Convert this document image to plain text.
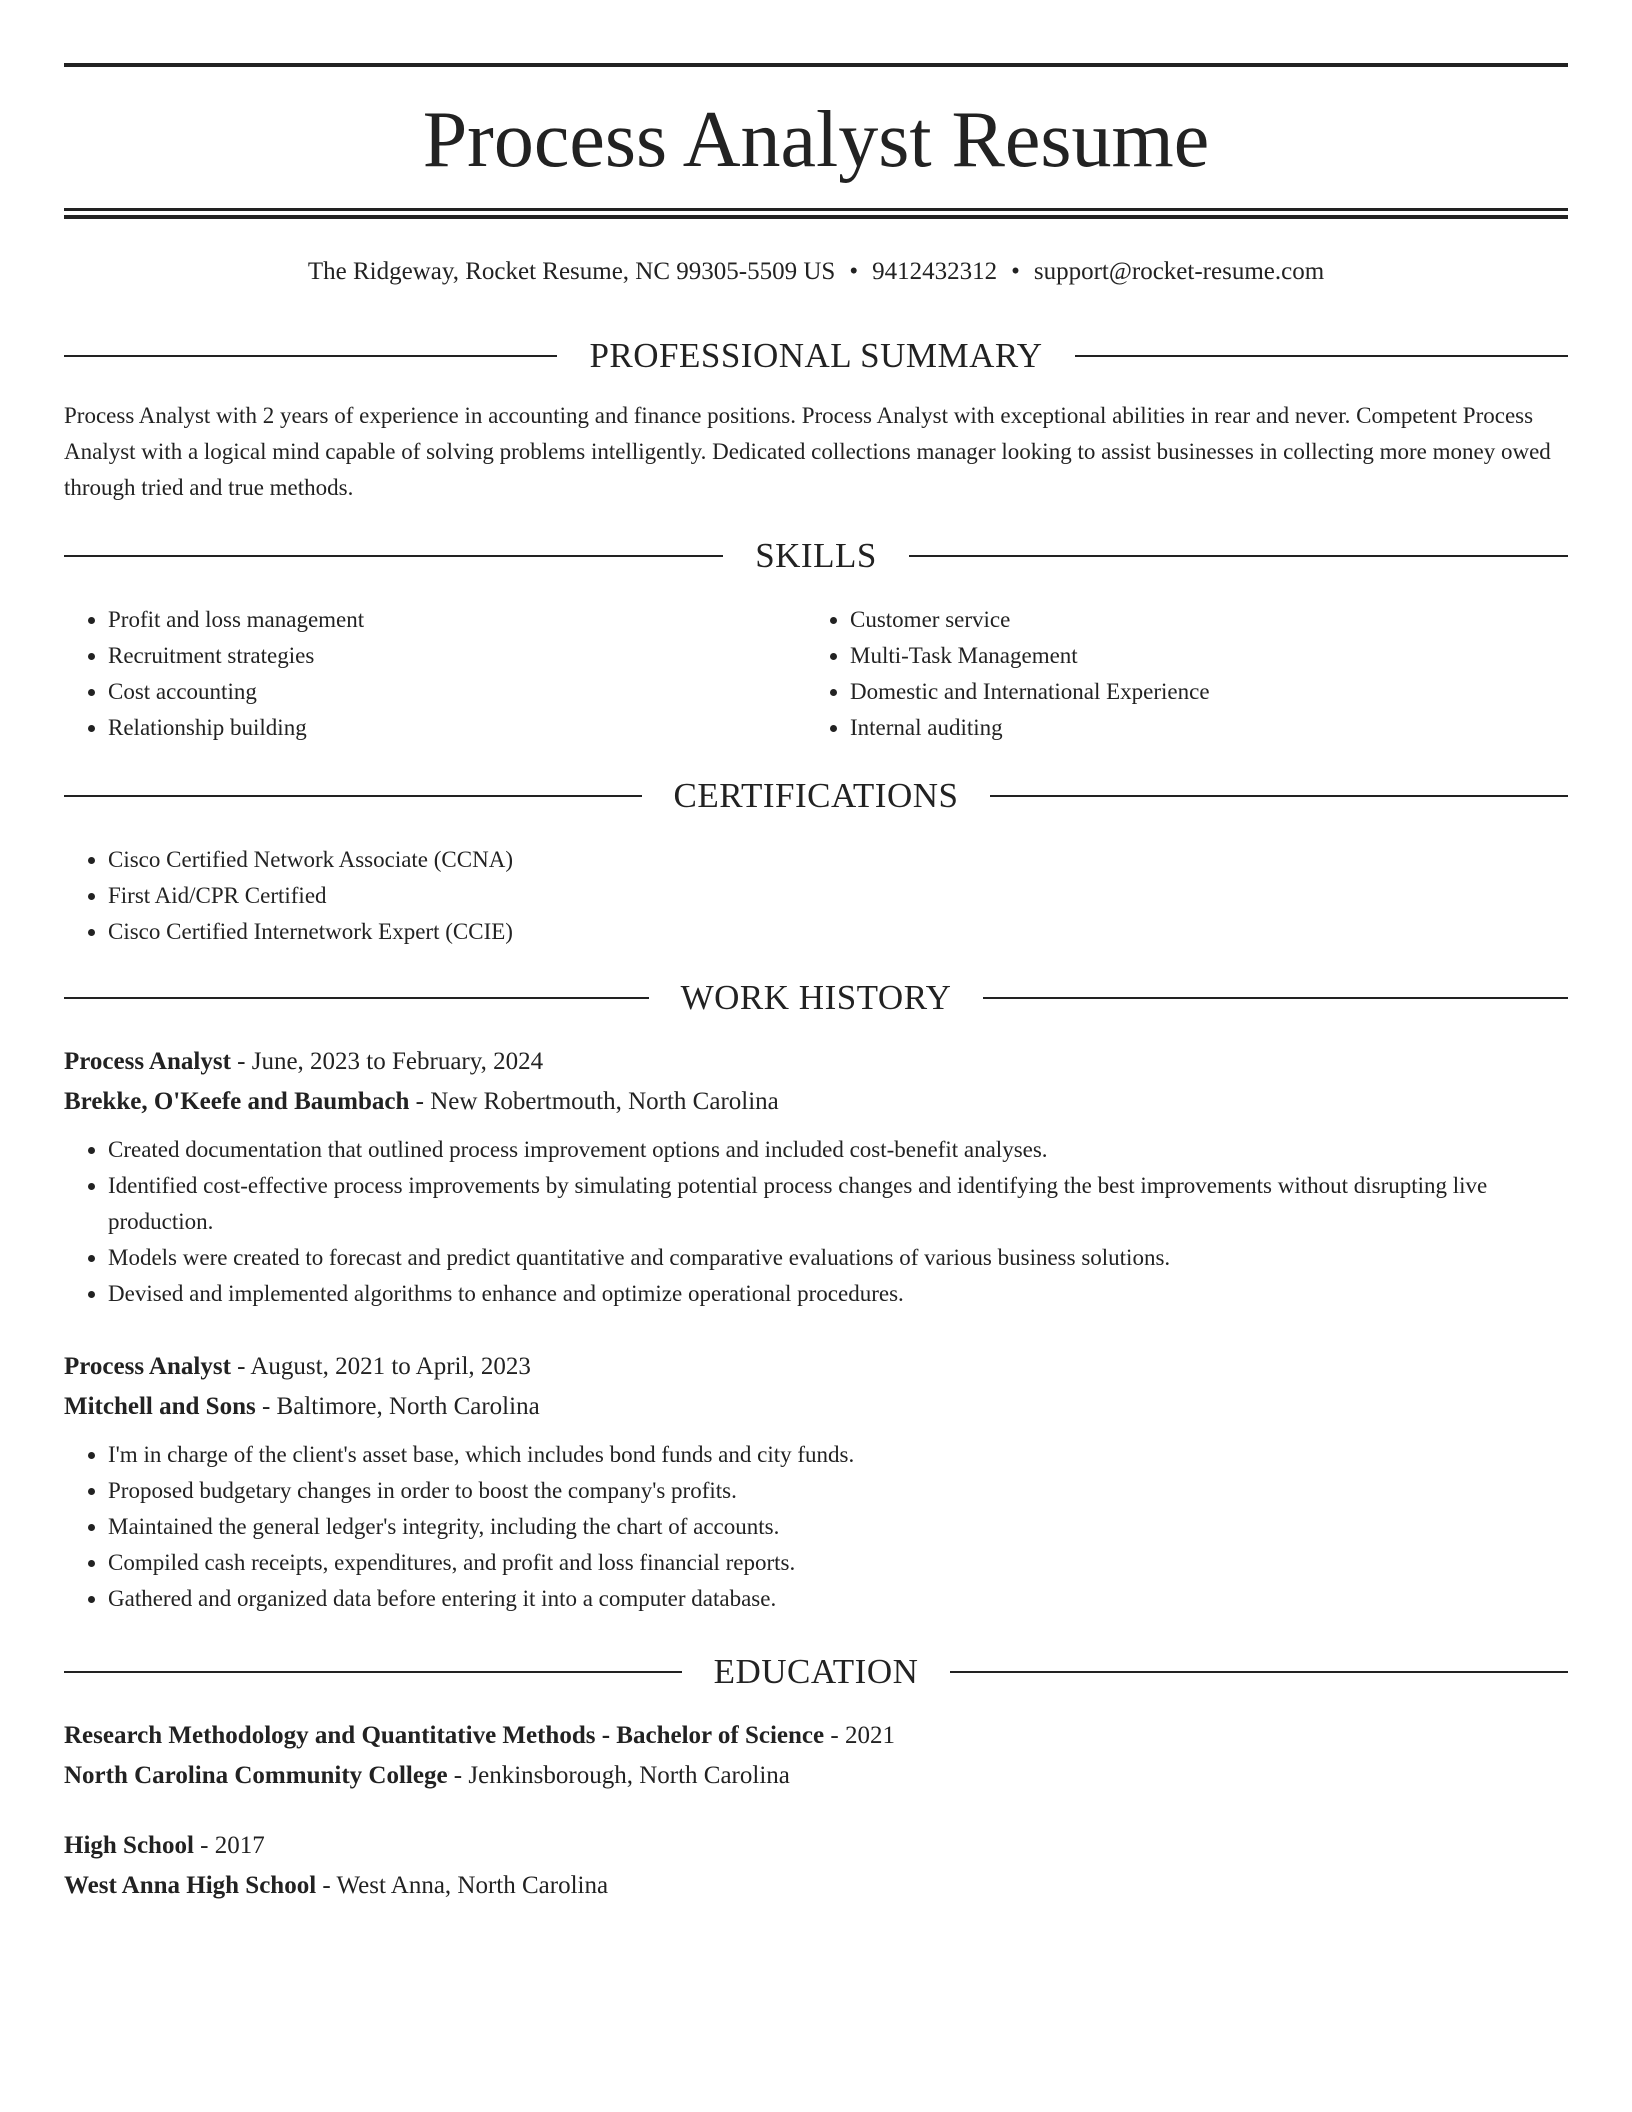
Process Analyst Resume
The Ridgeway, Rocket Resume, NC 99305-5509 US • 9412432312 • support@rocket-resume.com
PROFESSIONAL SUMMARY

Process Analyst with 2 years of experience in accounting and finance positions. Process Analyst with exceptional abilities in rear and never. Competent Process Analyst with a logical mind capable of solving problems intelligently. Dedicated collections manager looking to assist businesses in collecting more money owed through tried and true methods.

SKILLS
• Profit and loss management
• Recruitment strategies
• Cost accounting
• Relationship building
• Customer service
• Multi-Task Management
• Domestic and International Experience
• Internal auditing
CERTIFICATIONS
• Cisco Certified Network Associate (CCNA)
• First Aid/CPR Certified
• Cisco Certified Internetwork Expert (CCIE)
WORK HISTORY
Process Analyst - June, 2023 to February, 2024
Brekke, O'Keefe and Baumbach - New Robertmouth, North Carolina
• Created documentation that outlined process improvement options and included cost-benefit analyses.
• Identified cost-effective process improvements by simulating potential process changes and identifying the best improvements without disrupting live production.
• Models were created to forecast and predict quantitative and comparative evaluations of various business solutions.
• Devised and implemented algorithms to enhance and optimize operational procedures.
Process Analyst - August, 2021 to April, 2023
Mitchell and Sons - Baltimore, North Carolina
• I'm in charge of the client's asset base, which includes bond funds and city funds.
• Proposed budgetary changes in order to boost the company's profits.
• Maintained the general ledger's integrity, including the chart of accounts.
• Compiled cash receipts, expenditures, and profit and loss financial reports.
• Gathered and organized data before entering it into a computer database.
EDUCATION
Research Methodology and Quantitative Methods - Bachelor of Science - 2021
North Carolina Community College - Jenkinsborough, North Carolina
High School - 2017
West Anna High School - West Anna, North Carolina
